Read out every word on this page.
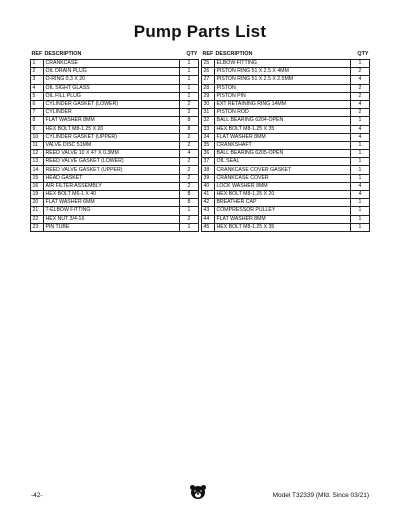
Pump Parts List
REF	DESCRIPTION	QTY
1	CRANKCASE	1
2	OIL DRAIN PLUG	1
3	O-RING 0.3 X 20	1
4	OIL SIGHT GLASS	1
5	OIL FILL PLUG	1
6	CYLINDER GASKET (LOWER)	2
7	CYLINDER	2
8	FLAT WASHER 8MM	8
9	HEX BOLT M8-1.25 X 20	8
10	CYLINDER GASKET (UPPER)	2
11	VALVE DISC 51MM	2
12	REED VALVE 10 X 47 X 0.3MM	4
13	REED VALVE GASKET (LOWER)	2
14	REED VALVE GASKET (UPPER)	2
15	HEAD GASKET	2
16	AIR FILTER ASSEMBLY	2
19	HEX BOLT M6-1 X 40	8
20	FLAT WASHER 6MM	8
21	T-ELBOW FITTING	1
22	HEX NUT 3/4-16	2
23	PIN TUBE	1
REF	DESCRIPTION	QTY
25	ELBOW FITTING	1
26	PISTON RING 51 X 2.5 X 4MM	2
27	PISTON RING 51 X 2.5 X 2.5MM	4
28	PISTON	2
29	PISTON PIN	2
30	EXT RETAINING RING 14MM	4
31	PISTON ROD	2
32	BALL BEARING 6204-OPEN	1
33	HEX BOLT M8-1.25 X 35	4
34	FLAT WASHER 8MM	4
35	CRANKSHAFT	1
36	BALL BEARING 6205-OPEN	1
37	OIL SEAL	1
38	CRANKCASE COVER GASKET	1
39	CRANKCASE COVER	1
40	LOCK WASHER 8MM	4
41	HEX BOLT M8-1.25 X 20	4
42	BREATHER CAP	1
43	COMPRESSOR PULLEY	1
44	FLAT WASHER 8MM	1
45	HEX BOLT M8-1.25 X 35	1
-42-	Model T32339 (Mfd. Since 03/21)
